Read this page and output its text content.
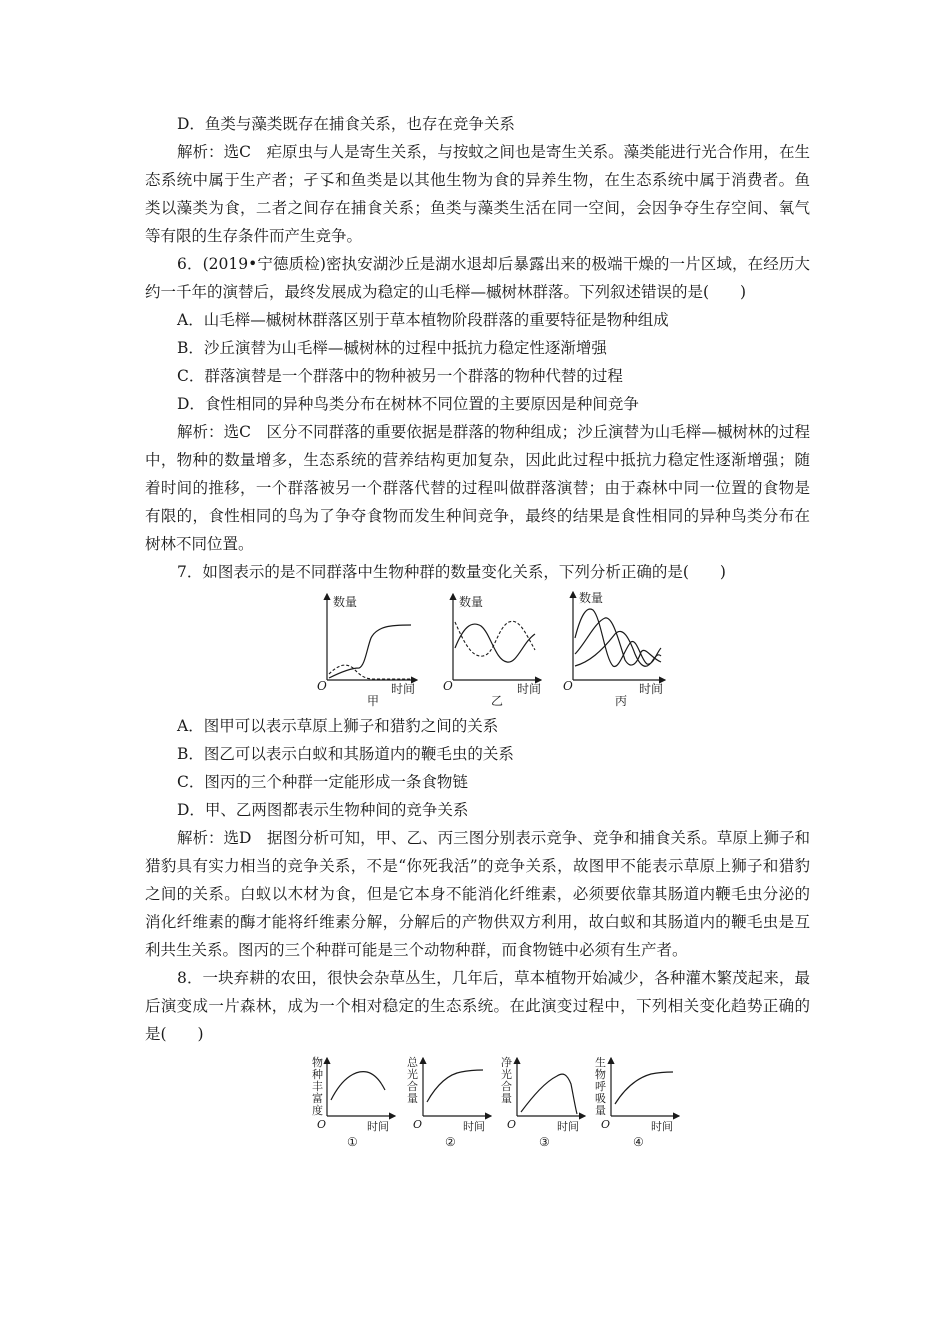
D．鱼类与藻类既存在捕食关系，也存在竞争关系

解析：选C　疟原虫与人是寄生关系，与按蚊之间也是寄生关系。藻类能进行光合作用，在生态系统中属于生产者；孑孓和鱼类是以其他生物为食的异养生物，在生态系统中属于消费者。鱼类以藻类为食，二者之间存在捕食关系；鱼类与藻类生活在同一空间，会因争夺生存空间、氧气等有限的生存条件而产生竞争。

6．(2019•宁德质检)密执安湖沙丘是湖水退却后暴露出来的极端干燥的一片区域，在经历大约一千年的演替后，最终发展成为稳定的山毛榉—槭树林群落。下列叙述错误的是(　　)

A．山毛榉—槭树林群落区别于草本植物阶段群落的重要特征是物种组成

B．沙丘演替为山毛榉—槭树林的过程中抵抗力稳定性逐渐增强

C．群落演替是一个群落中的物种被另一个群落的物种代替的过程

D．食性相同的异种鸟类分布在树林不同位置的主要原因是种间竞争

解析：选C　区分不同群落的重要依据是群落的物种组成；沙丘演替为山毛榉—槭树林的过程中，物种的数量增多，生态系统的营养结构更加复杂，因此此过程中抵抗力稳定性逐渐增强；随着时间的推移，一个群落被另一个群落代替的过程叫做群落演替；由于森林中同一位置的食物是有限的，食性相同的鸟为了争夺食物而发生种间竞争，最终的结果是食性相同的异种鸟类分布在树林不同位置。

7．如图表示的是不同群落中生物种群的数量变化关系，下列分析正确的是(　　)

数量
O	时间
甲
数量
O	时间
乙
数量
O	时间
丙

A．图甲可以表示草原上狮子和猎豹之间的关系

B．图乙可以表示白蚁和其肠道内的鞭毛虫的关系

C．图丙的三个种群一定能形成一条食物链

D．甲、乙两图都表示生物种间的竞争关系

解析：选D　据图分析可知，甲、乙、丙三图分别表示竞争、竞争和捕食关系。草原上狮子和猎豹具有实力相当的竞争关系，不是“你死我活”的竞争关系，故图甲不能表示草原上狮子和猎豹之间的关系。白蚁以木材为食，但是它本身不能消化纤维素，必须要依靠其肠道内鞭毛虫分泌的消化纤维素的酶才能将纤维素分解，分解后的产物供双方利用，故白蚁和其肠道内的鞭毛虫是互利共生关系。图丙的三个种群可能是三个动物种群，而食物链中必须有生产者。

8．一块弃耕的农田，很快会杂草丛生，几年后，草本植物开始减少，各种灌木繁茂起来，最后演变成一片森林，成为一个相对稳定的生态系统。在此演变过程中，下列相关变化趋势正确的是(　　)

物
种
丰
富
度
O	时间
①
总
光
合
量
O	时间
②
净
光
合
量
O	时间
③
生
物
呼
吸
量
O	时间
④
